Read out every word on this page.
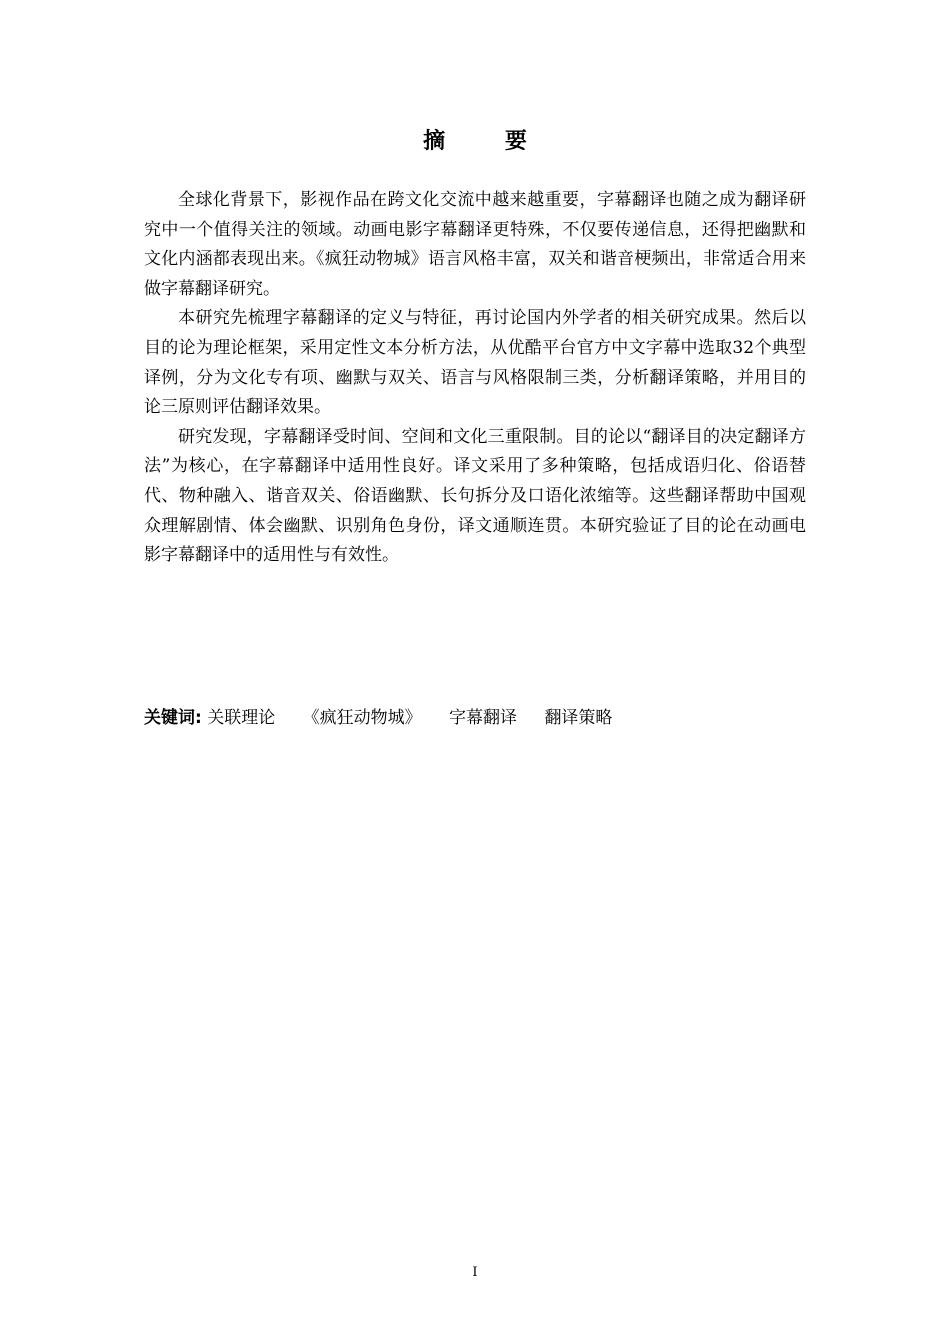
摘 要

全球化背景下，影视作品在跨文化交流中越来越重要，字幕翻译也随之成为翻译研究中一个值得关注的领域。动画电影字幕翻译更特殊，不仅要传递信息，还得把幽默和文化内涵都表现出来。《疯狂动物城》语言风格丰富，双关和谐音梗频出，非常适合用来做字幕翻译研究。

本研究先梳理字幕翻译的定义与特征，再讨论国内外学者的相关研究成果。然后以目的论为理论框架，采用定性文本分析方法，从优酷平台官方中文字幕中选取32个典型译例，分为文化专有项、幽默与双关、语言与风格限制三类，分析翻译策略，并用目的论三原则评估翻译效果。

研究发现，字幕翻译受时间、空间和文化三重限制。目的论以“翻译目的决定翻译方法”为核心，在字幕翻译中适用性良好。译文采用了多种策略，包括成语归化、俗语替代、物种融入、谐音双关、俗语幽默、长句拆分及口语化浓缩等。这些翻译帮助中国观众理解剧情、体会幽默、识别角色身份，译文通顺连贯。本研究验证了目的论在动画电影字幕翻译中的适用性与有效性。

关键词: 关联理论 《疯狂动物城》 字幕翻译 翻译策略
I
